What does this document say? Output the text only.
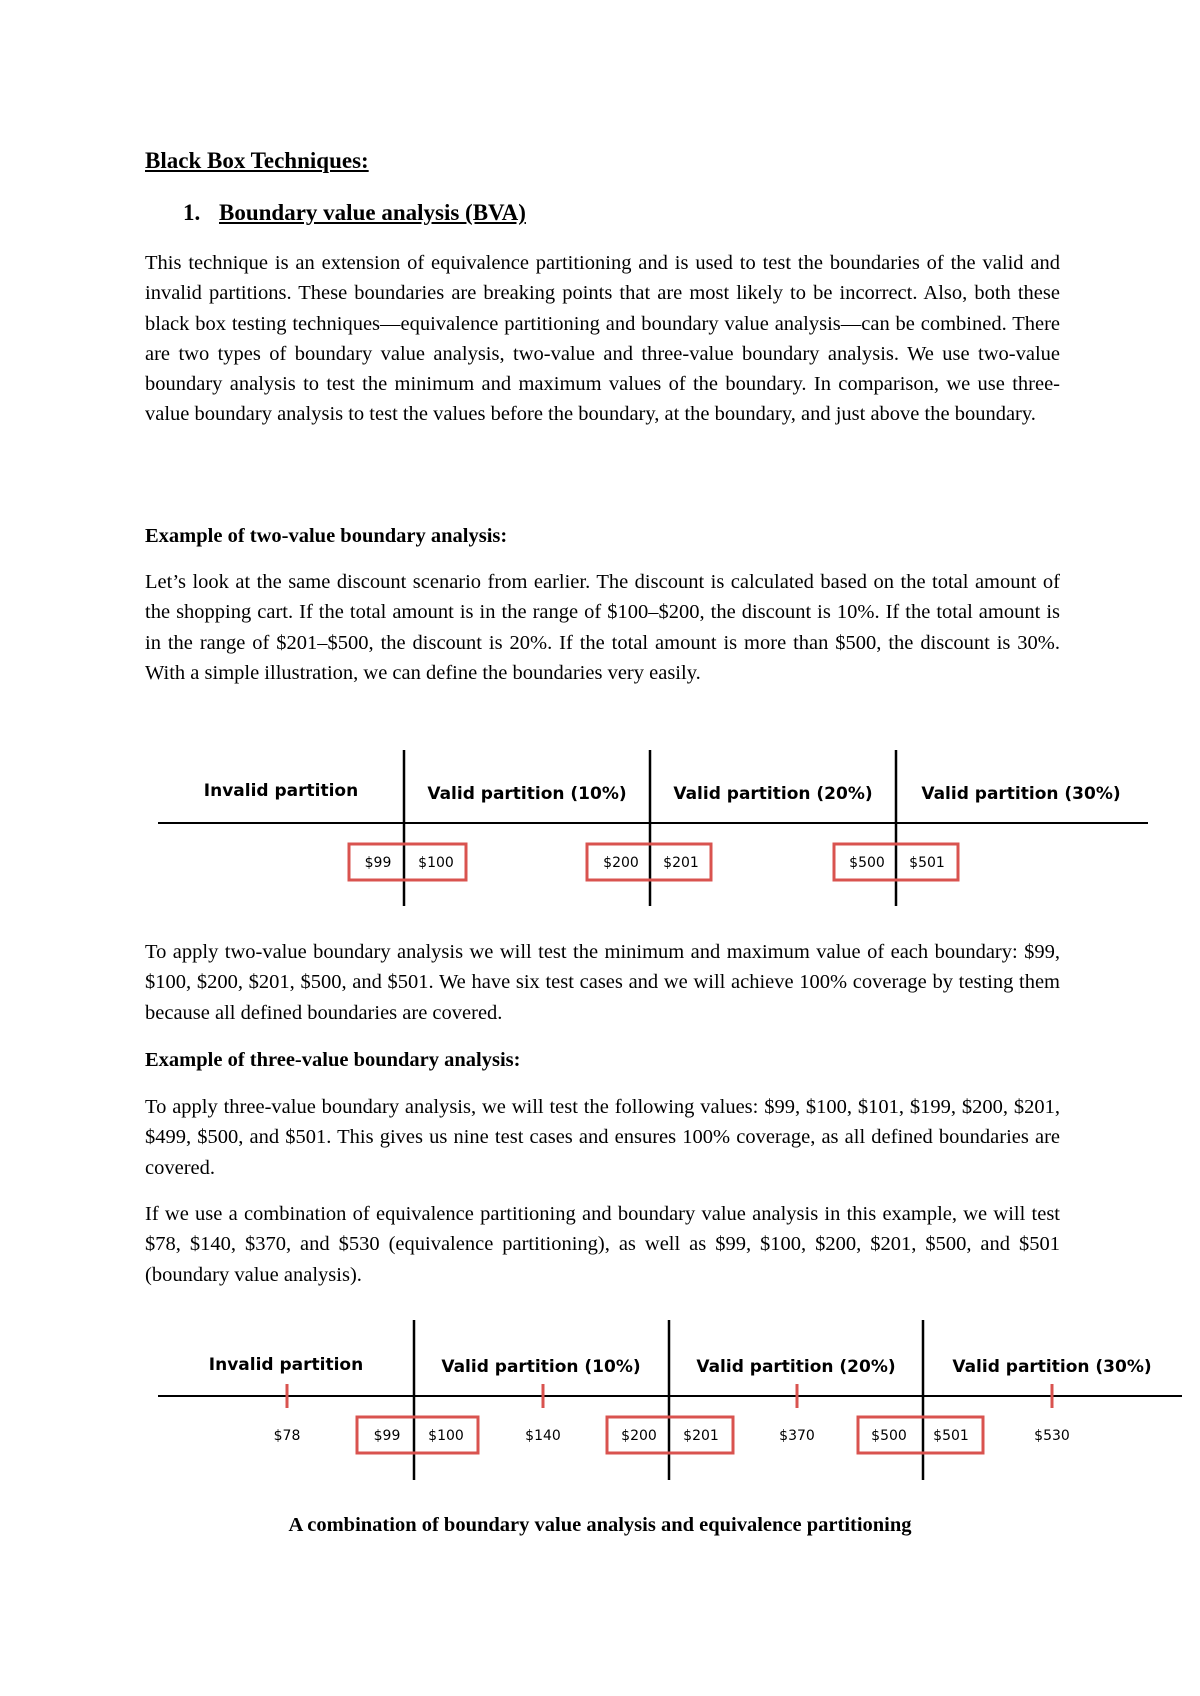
Black Box Techniques:
1. Boundary value analysis (BVA)

This technique is an extension of equivalence partitioning and is used to test the boundaries of the valid and invalid partitions. These boundaries are breaking points that are most likely to be incorrect. Also, both these black box testing techniques—equivalence partitioning and boundary value analysis—can be combined. There are two types of boundary value analysis, two-value and three-value boundary analysis. We use two-value boundary analysis to test the minimum and maximum values of the boundary. In comparison, we use three-value boundary analysis to test the values before the boundary, at the boundary, and just above the boundary.

Example of two-value boundary analysis:

Let’s look at the same discount scenario from earlier. The discount is calculated based on the total amount of the shopping cart. If the total amount is in the range of $100–$200, the discount is 10%. If the total amount is in the range of $201–$500, the discount is 20%. If the total amount is more than $500, the discount is 30%. With a simple illustration, we can define the boundaries very easily.

Invalid partition	Valid partition (10%)	Valid partition (20%)	Valid partition (30%)
$99 $100	$200 $201	$500 $501

To apply two-value boundary analysis we will test the minimum and maximum value of each boundary: $99, $100, $200, $201, $500, and $501. We have six test cases and we will achieve 100% coverage by testing them because all defined boundaries are covered.

Example of three-value boundary analysis:

To apply three-value boundary analysis, we will test the following values: $99, $100, $101, $199, $200, $201, $499, $500, and $501. This gives us nine test cases and ensures 100% coverage, as all defined boundaries are covered.

If we use a combination of equivalence partitioning and boundary value analysis in this example, we will test $78, $140, $370, and $530 (equivalence partitioning), as well as $99, $100, $200, $201, $500, and $501 (boundary value analysis).

Invalid partition	Valid partition (10%)	Valid partition (20%)	Valid partition (30%)
$78	$140	$370	$530
$99 $100	$200 $201	$500 $501
A combination of boundary value analysis and equivalence partitioning
